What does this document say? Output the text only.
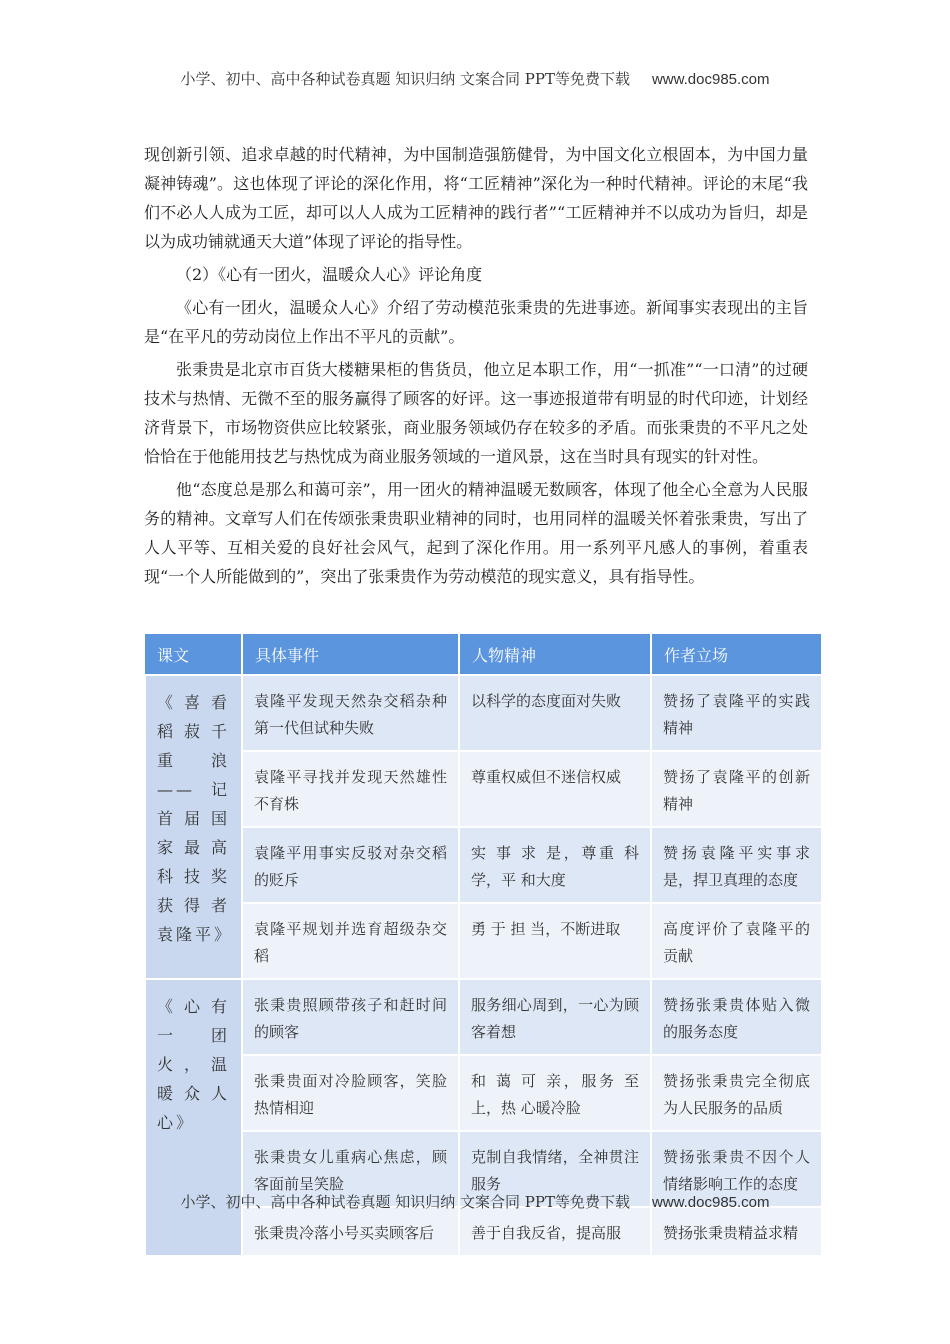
小学、初中、高中各种试卷真题 知识归纳 文案合同 PPT等免费下载 www.doc985.com

现创新引领、追求卓越的时代精神，为中国制造强筋健骨，为中国文化立根固本，为中国力量凝神铸魂”。这也体现了评论的深化作用，将“工匠精神”深化为一种时代精神。评论的末尾“我们不必人人成为工匠，却可以人人成为工匠精神的践行者”“工匠精神并不以成功为旨归，却是以为成功铺就通天大道”体现了评论的指导性。

（2）《心有一团火，温暖众人心》评论角度

《心有一团火，温暖众人心》介绍了劳动模范张秉贵的先进事迹。新闻事实表现出的主旨是“在平凡的劳动岗位上作出不平凡的贡献”。

张秉贵是北京市百货大楼糖果柜的售货员，他立足本职工作，用“一抓准”“一口清”的过硬技术与热情、无微不至的服务赢得了顾客的好评。这一事迹报道带有明显的时代印迹，计划经济背景下，市场物资供应比较紧张，商业服务领域仍存在较多的矛盾。而张秉贵的不平凡之处恰恰在于他能用技艺与热忱成为商业服务领域的一道风景，这在当时具有现实的针对性。

他“态度总是那么和蔼可亲”，用一团火的精神温暖无数顾客，体现了他全心全意为人民服务的精神。文章写人们在传颂张秉贵职业精神的同时，也用同样的温暖关怀着张秉贵，写出了人人平等、互相关爱的良好社会风气，起到了深化作用。用一系列平凡感人的事例，着重表现“一个人所能做到的”，突出了张秉贵作为劳动模范的现实意义，具有指导性。

课文	具体事件	人物精神	作者立场
《喜看稻菽千重浪——记首届国家最高科技奖获得者袁隆平》	袁隆平发现天然杂交稻杂种第一代但试种失败	以科学的态度面对失败	赞扬了袁隆平的实践精神
	袁隆平寻找并发现天然雄性不育株	尊重权威但不迷信权威	赞扬了袁隆平的创新精神
	袁隆平用事实反驳对杂交稻的贬斥	实 事 求 是，尊重 科学，平 和大度	赞扬袁隆平实事求是，捍卫真理的态度
	袁隆平规划并选育超级杂交稻	勇 于 担 当，不断进取	高度评价了袁隆平的贡献
《心有一团火，温暖众人心》	张秉贵照顾带孩子和赶时间的顾客	服务细心周到，一心为顾客着想	赞扬张秉贵体贴入微的服务态度
	张秉贵面对冷脸顾客，笑脸热情相迎	和 蔼 可 亲，服务 至上，热 心暖冷脸	赞扬张秉贵完全彻底为人民服务的品质
	张秉贵女儿重病心焦虑，顾客面前呈笑脸	克制自我情绪，全神贯注服务	赞扬张秉贵不因个人情绪影响工作的态度
	张秉贵冷落小号买卖顾客后	善于自我反省，提高服	赞扬张秉贵精益求精
小学、初中、高中各种试卷真题 知识归纳 文案合同 PPT等免费下载 www.doc985.com
